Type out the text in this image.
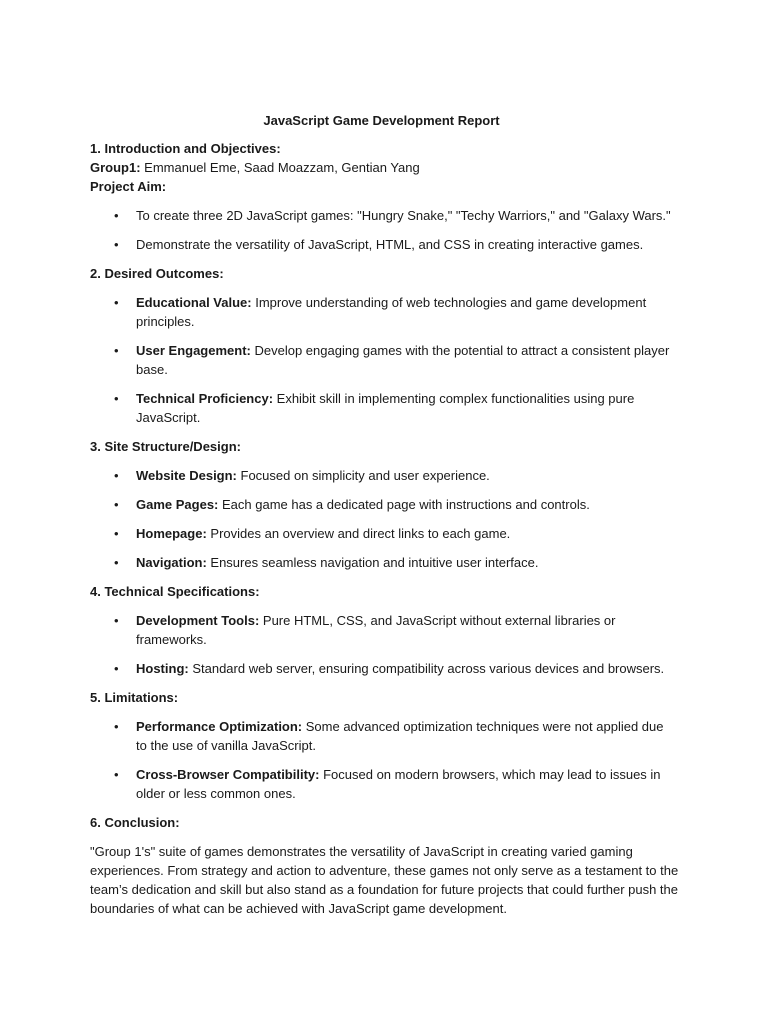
JavaScript Game Development Report

1. Introduction and Objectives:

Group1: Emmanuel Eme, Saad Moazzam, Gentian Yang

Project Aim:

• To create three 2D JavaScript games: "Hungry Snake," "Techy Warriors," and "Galaxy Wars."
• Demonstrate the versatility of JavaScript, HTML, and CSS in creating interactive games.

2. Desired Outcomes:

• Educational Value: Improve understanding of web technologies and game development principles.
• User Engagement: Develop engaging games with the potential to attract a consistent player base.
• Technical Proficiency: Exhibit skill in implementing complex functionalities using pure JavaScript.

3. Site Structure/Design:

• Website Design: Focused on simplicity and user experience.
• Game Pages: Each game has a dedicated page with instructions and controls.
• Homepage: Provides an overview and direct links to each game.
• Navigation: Ensures seamless navigation and intuitive user interface.

4. Technical Specifications:

• Development Tools: Pure HTML, CSS, and JavaScript without external libraries or frameworks.
• Hosting: Standard web server, ensuring compatibility across various devices and browsers.

5. Limitations:

• Performance Optimization: Some advanced optimization techniques were not applied due to the use of vanilla JavaScript.
• Cross-Browser Compatibility: Focused on modern browsers, which may lead to issues in older or less common ones.

6. Conclusion:

"Group 1's" suite of games demonstrates the versatility of JavaScript in creating varied gaming experiences. From strategy and action to adventure, these games not only serve as a testament to the team’s dedication and skill but also stand as a foundation for future projects that could further push the boundaries of what can be achieved with JavaScript game development.
